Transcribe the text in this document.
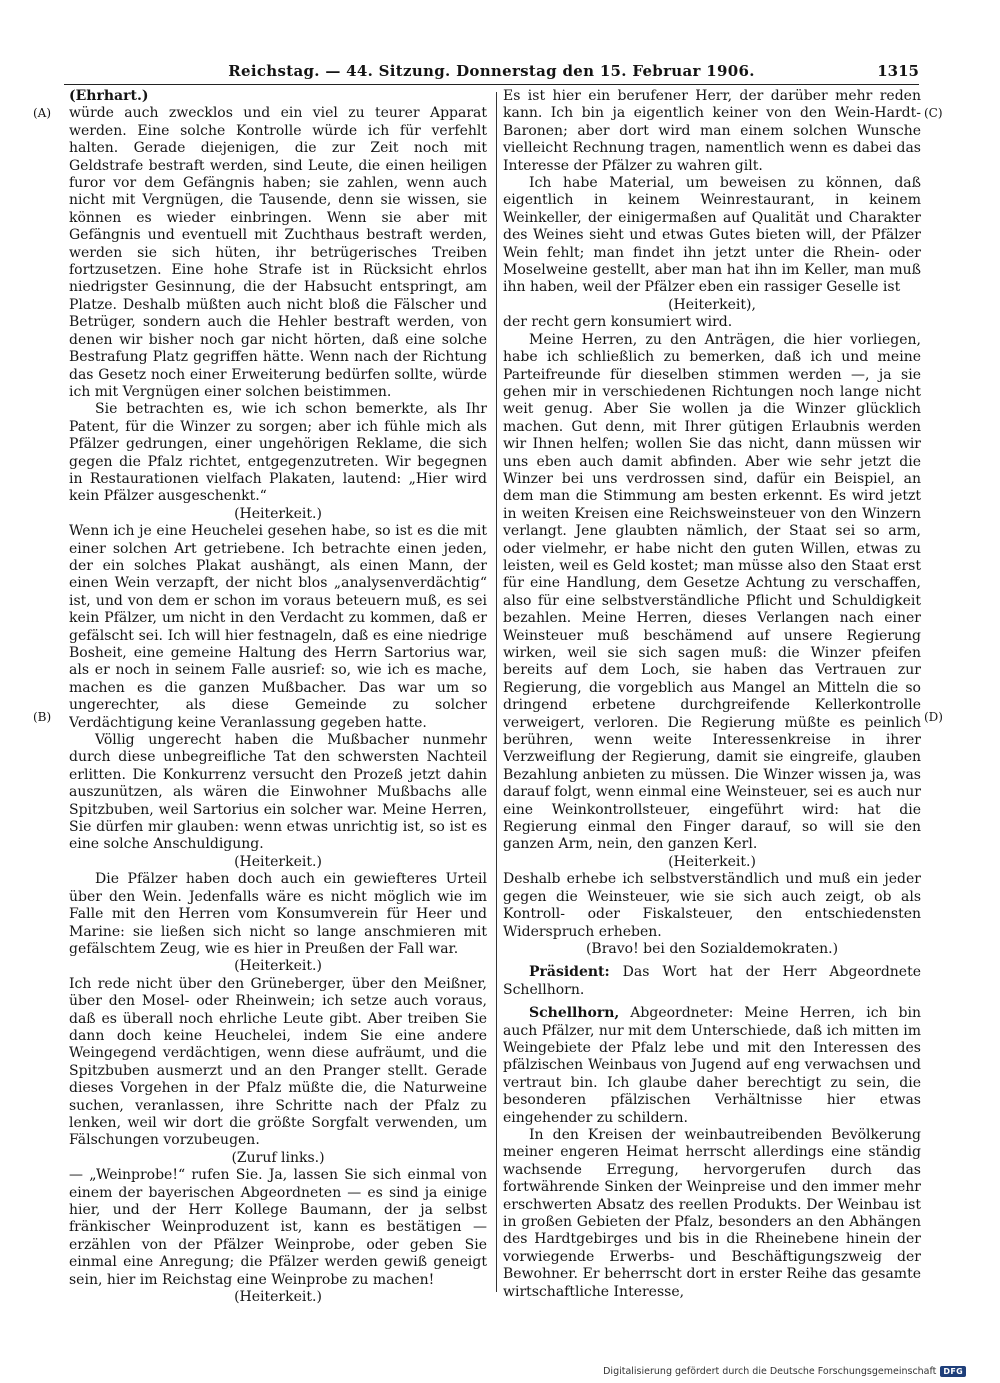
Reichstag. — 44. Sitzung. Donnerstag den 15. Februar 1906.	1315
(A)
(B)
(C)
(D)

(Ehrhart.)

würde auch zwecklos und ein viel zu teurer Apparat werden. Eine solche Kontrolle würde ich für verfehlt halten. Gerade diejenigen, die zur Zeit noch mit Geldstrafe bestraft werden, sind Leute, die einen heiligen furor vor dem Gefängnis haben; sie zahlen, wenn auch nicht mit Vergnügen, die Tausende, denn sie wissen, sie können es wieder einbringen. Wenn sie aber mit Gefängnis und eventuell mit Zuchthaus bestraft werden, werden sie sich hüten, ihr betrügerisches Treiben fortzusetzen. Eine hohe Strafe ist in Rücksicht ehrlos niedrigster Gesinnung, die der Habsucht entspringt, am Platze. Deshalb müßten auch nicht bloß die Fälscher und Betrüger, sondern auch die Hehler bestraft werden, von denen wir bisher noch gar nicht hörten, daß eine solche Bestrafung Platz gegriffen hätte. Wenn nach der Richtung das Gesetz noch einer Erweiterung bedürfen sollte, würde ich mit Vergnügen einer solchen beistimmen.

Sie betrachten es, wie ich schon bemerkte, als Ihr Patent, für die Winzer zu sorgen; aber ich fühle mich als Pfälzer gedrungen, einer ungehörigen Reklame, die sich gegen die Pfalz richtet, entgegenzutreten. Wir begegnen in Restaurationen vielfach Plakaten, lautend: „Hier wird kein Pfälzer ausgeschenkt.“

(Heiterkeit.)

Wenn ich je eine Heuchelei gesehen habe, so ist es die mit einer solchen Art getriebene. Ich betrachte einen jeden, der ein solches Plakat aushängt, als einen Mann, der einen Wein verzapft, der nicht blos „analysenverdächtig“ ist, und von dem er schon im voraus beteuern muß, es sei kein Pfälzer, um nicht in den Verdacht zu kommen, daß er gefälscht sei. Ich will hier festnageln, daß es eine niedrige Bosheit, eine gemeine Haltung des Herrn Sartorius war, als er noch in seinem Falle ausrief: so, wie ich es mache, machen es die ganzen Mußbacher. Das war um so ungerechter, als diese Gemeinde zu solcher Verdächtigung keine Veranlassung gegeben hatte.

Völlig ungerecht haben die Mußbacher nunmehr durch diese unbegreifliche Tat den schwersten Nachteil erlitten. Die Konkurrenz versucht den Prozeß jetzt dahin auszunützen, als wären die Einwohner Mußbachs alle Spitzbuben, weil Sartorius ein solcher war. Meine Herren, Sie dürfen mir glauben: wenn etwas unrichtig ist, so ist es eine solche Anschuldigung.

(Heiterkeit.)

Die Pfälzer haben doch auch ein gewiefteres Urteil über den Wein. Jedenfalls wäre es nicht möglich wie im Falle mit den Herren vom Konsumverein für Heer und Marine: sie ließen sich nicht so lange anschmieren mit gefälschtem Zeug, wie es hier in Preußen der Fall war.

(Heiterkeit.)

Ich rede nicht über den Grüneberger, über den Meißner, über den Mosel- oder Rheinwein; ich setze auch voraus, daß es überall noch ehrliche Leute gibt. Aber treiben Sie dann doch keine Heuchelei, indem Sie eine andere Weingegend verdächtigen, wenn diese aufräumt, und die Spitzbuben ausmerzt und an den Pranger stellt. Gerade dieses Vorgehen in der Pfalz müßte die, die Naturweine suchen, veranlassen, ihre Schritte nach der Pfalz zu lenken, weil wir dort die größte Sorgfalt verwenden, um Fälschungen vorzubeugen.

(Zuruf links.)

— „Weinprobe!“ rufen Sie. Ja, lassen Sie sich einmal von einem der bayerischen Abgeordneten — es sind ja einige hier, und der Herr Kollege Baumann, der ja selbst fränkischer Weinproduzent ist, kann es bestätigen — erzählen von der Pfälzer Weinprobe, oder geben Sie einmal eine Anregung; die Pfälzer werden gewiß geneigt sein, hier im Reichstag eine Weinprobe zu machen!

(Heiterkeit.)

Es ist hier ein berufener Herr, der darüber mehr reden kann. Ich bin ja eigentlich keiner von den Wein-Hardt-Baronen; aber dort wird man einem solchen Wunsche vielleicht Rechnung tragen, namentlich wenn es dabei das Interesse der Pfälzer zu wahren gilt.

Ich habe Material, um beweisen zu können, daß eigentlich in keinem Weinrestaurant, in keinem Weinkeller, der einigermaßen auf Qualität und Charakter des Weines sieht und etwas Gutes bieten will, der Pfälzer Wein fehlt; man findet ihn jetzt unter die Rhein- oder Moselweine gestellt, aber man hat ihn im Keller, man muß ihn haben, weil der Pfälzer eben ein rassiger Geselle ist

(Heiterkeit),

der recht gern konsumiert wird.

Meine Herren, zu den Anträgen, die hier vorliegen, habe ich schließlich zu bemerken, daß ich und meine Parteifreunde für dieselben stimmen werden —, ja sie gehen mir in verschiedenen Richtungen noch lange nicht weit genug. Aber Sie wollen ja die Winzer glücklich machen. Gut denn, mit Ihrer gütigen Erlaubnis werden wir Ihnen helfen; wollen Sie das nicht, dann müssen wir uns eben auch damit abfinden. Aber wie sehr jetzt die Winzer bei uns verdrossen sind, dafür ein Beispiel, an dem man die Stimmung am besten erkennt. Es wird jetzt in weiten Kreisen eine Reichsweinsteuer von den Winzern verlangt. Jene glaubten nämlich, der Staat sei so arm, oder vielmehr, er habe nicht den guten Willen, etwas zu leisten, weil es Geld kostet; man müsse also den Staat erst für eine Handlung, dem Gesetze Achtung zu verschaffen, also für eine selbstverständliche Pflicht und Schuldigkeit bezahlen. Meine Herren, dieses Verlangen nach einer Weinsteuer muß beschämend auf unsere Regierung wirken, weil sie sich sagen muß: die Winzer pfeifen bereits auf dem Loch, sie haben das Vertrauen zur Regierung, die vorgeblich aus Mangel an Mitteln die so dringend erbetene durchgreifende Kellerkontrolle verweigert, verloren. Die Regierung müßte es peinlich berühren, wenn weite Interessenkreise in ihrer Verzweiflung der Regierung, damit sie eingreife, glauben Bezahlung anbieten zu müssen. Die Winzer wissen ja, was darauf folgt, wenn einmal eine Weinsteuer, sei es auch nur eine Weinkontrollsteuer, eingeführt wird: hat die Regierung einmal den Finger darauf, so will sie den ganzen Arm, nein, den ganzen Kerl.

(Heiterkeit.)

Deshalb erhebe ich selbstverständlich und muß ein jeder gegen die Weinsteuer, wie sie sich auch zeigt, ob als Kontroll- oder Fiskalsteuer, den entschiedensten Widerspruch erheben.

(Bravo! bei den Sozialdemokraten.)

Präsident: Das Wort hat der Herr Abgeordnete Schellhorn.

Schellhorn, Abgeordneter: Meine Herren, ich bin auch Pfälzer, nur mit dem Unterschiede, daß ich mitten im Weingebiete der Pfalz lebe und mit den Interessen des pfälzischen Weinbaus von Jugend auf eng verwachsen und vertraut bin. Ich glaube daher berechtigt zu sein, die besonderen pfälzischen Verhältnisse hier etwas eingehender zu schildern.

In den Kreisen der weinbautreibenden Bevölkerung meiner engeren Heimat herrscht allerdings eine ständig wachsende Erregung, hervorgerufen durch das fortwährende Sinken der Weinpreise und den immer mehr erschwerten Absatz des reellen Produkts. Der Weinbau ist in großen Gebieten der Pfalz, besonders an den Abhängen des Hardtgebirges und bis in die Rheinebene hinein der vorwiegende Erwerbs- und Beschäftigungszweig der Bewohner. Er beherrscht dort in erster Reihe das gesamte wirtschaftliche Interesse,

Digitalisierung gefördert durch die Deutsche Forschungsgemeinschaft DFG
